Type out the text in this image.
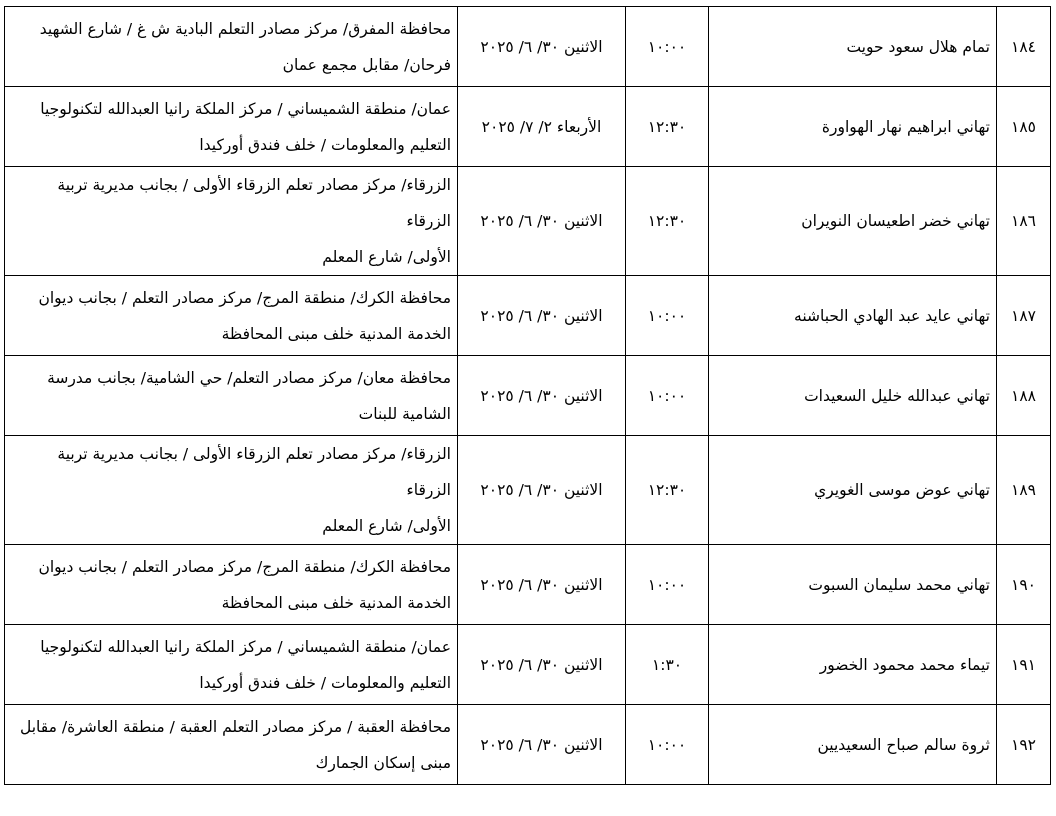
١٨٤	تمام هلال سعود حويت	١٠:٠٠	الاثنين ٣٠/ ٦/ ٢٠٢٥	محافظة المفرق/ مركز مصادر التعلم البادية ش غ / شارع الشهيد
فرحان/ مقابل مجمع عمان

١٨٥	تهاني ابراهيم نهار الهواورة	١٢:٣٠	الأربعاء ٢/ ٧/ ٢٠٢٥	عمان/ منطقة الشميساني / مركز الملكة رانيا العبدالله لتكنولوجيا
التعليم والمعلومات / خلف فندق أوركيدا

١٨٦	تهاني خضر اطعيسان النويران	١٢:٣٠	الاثنين ٣٠/ ٦/ ٢٠٢٥	الزرقاء/ مركز مصادر تعلم الزرقاء الأولى / بجانب مديرية تربية الزرقاء
الأولى/ شارع المعلم

١٨٧	تهاني عايد عبد الهادي الحباشنه	١٠:٠٠	الاثنين ٣٠/ ٦/ ٢٠٢٥	محافظة الكرك/ منطقة المرج/ مركز مصادر التعلم / بجانب ديوان
الخدمة المدنية خلف مبنى المحافظة

١٨٨	تهاني عبدالله خليل السعيدات	١٠:٠٠	الاثنين ٣٠/ ٦/ ٢٠٢٥	محافظة معان/ مركز مصادر التعلم/ حي الشامية/ بجانب مدرسة
الشامية للبنات

١٨٩	تهاني عوض موسى الغويري	١٢:٣٠	الاثنين ٣٠/ ٦/ ٢٠٢٥	الزرقاء/ مركز مصادر تعلم الزرقاء الأولى / بجانب مديرية تربية الزرقاء
الأولى/ شارع المعلم

١٩٠	تهاني محمد سليمان السبوت	١٠:٠٠	الاثنين ٣٠/ ٦/ ٢٠٢٥	محافظة الكرك/ منطقة المرج/ مركز مصادر التعلم / بجانب ديوان
الخدمة المدنية خلف مبنى المحافظة

١٩١	تيماء محمد محمود الخضور	١:٣٠	الاثنين ٣٠/ ٦/ ٢٠٢٥	عمان/ منطقة الشميساني / مركز الملكة رانيا العبدالله لتكنولوجيا
التعليم والمعلومات / خلف فندق أوركيدا

١٩٢	ثروة سالم صباح السعيديين	١٠:٠٠	الاثنين ٣٠/ ٦/ ٢٠٢٥	محافظة العقبة / مركز مصادر التعلم العقبة / منطقة العاشرة/ مقابل
مبنى إسكان الجمارك
